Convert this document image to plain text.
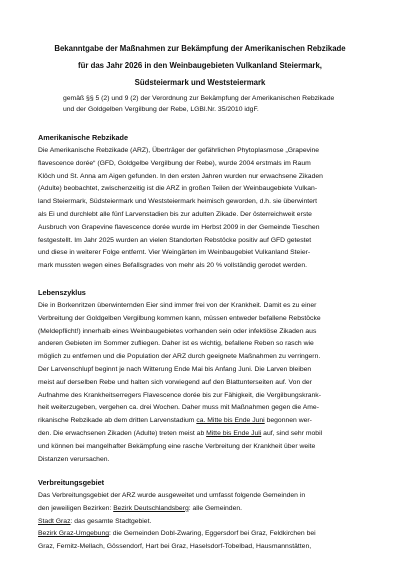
Bekanntgabe der Maßnahmen zur Bekämpfung der Amerikanischen Rebzikade
für das Jahr 2026 in den Weinbaugebieten Vulkanland Steiermark,
Südsteiermark und Weststeiermark
gemäß §§ 5 (2) und 9 (2) der Verordnung zur Bekämpfung der Amerikanischen Rebzikade
und der Goldgelben Vergilbung der Rebe, LGBl.Nr. 35/2010 idgF.
Amerikanische Rebzikade
Die Amerikanische Rebzikade (ARZ), Überträger der gefährlichen Phytoplasmose „Grapevine
flavescence dorée“ (GFD, Goldgelbe Vergilbung der Rebe), wurde 2004 erstmals im Raum
Klöch und St. Anna am Aigen gefunden. In den ersten Jahren wurden nur erwachsene Zikaden
(Adulte) beobachtet, zwischenzeitig ist die ARZ in großen Teilen der Weinbaugebiete Vulkan-
land Steiermark, Südsteiermark und Weststeiermark heimisch geworden, d.h. sie überwintert
als Ei und durchlebt alle fünf Larvenstadien bis zur adulten Zikade. Der österreichweit erste
Ausbruch von Grapevine flavescence dorée wurde im Herbst 2009 in der Gemeinde Tieschen
festgestellt. Im Jahr 2025 wurden an vielen Standorten Rebstöcke positiv auf GFD getestet
und diese in weiterer Folge entfernt. Vier Weingärten im Weinbaugebiet Vulkanland Steier-
mark mussten wegen eines Befallsgrades von mehr als 20 % vollständig gerodet werden.
Lebenszyklus
Die in Borkenritzen überwinternden Eier sind immer frei von der Krankheit. Damit es zu einer
Verbreitung der Goldgelben Vergilbung kommen kann, müssen entweder befallene Rebstöcke
(Meldepflicht!) innerhalb eines Weinbaugebietes vorhanden sein oder infektiöse Zikaden aus
anderen Gebieten im Sommer zufliegen. Daher ist es wichtig, befallene Reben so rasch wie
möglich zu entfernen und die Population der ARZ durch geeignete Maßnahmen zu verringern.
Der Larvenschlupf beginnt je nach Witterung Ende Mai bis Anfang Juni. Die Larven bleiben
meist auf derselben Rebe und halten sich vorwiegend auf den Blattunterseiten auf. Von der
Aufnahme des Krankheitserregers Flavescence dorée bis zur Fähigkeit, die Vergilbungskrank-
heit weiterzugeben, vergehen ca. drei Wochen. Daher muss mit Maßnahmen gegen die Ame-
rikanische Rebzikade ab dem dritten Larvenstadium ca. Mitte bis Ende Juni begonnen wer-
den. Die erwachsenen Zikaden (Adulte) treten meist ab Mitte bis Ende Juli auf, sind sehr mobil
und können bei mangelhafter Bekämpfung eine rasche Verbreitung der Krankheit über weite
Distanzen verursachen.
Verbreitungsgebiet
Das Verbreitungsgebiet der ARZ wurde ausgeweitet und umfasst folgende Gemeinden in
den jeweiligen Bezirken: Bezirk Deutschlandsberg: alle Gemeinden.
Stadt Graz: das gesamte Stadtgebiet.
Bezirk Graz-Umgebung: die Gemeinden Dobl-Zwaring, Eggersdorf bei Graz, Feldkirchen bei
Graz, Fernitz-Mellach, Gössendorf, Hart bei Graz, Haselsdorf-Tobelbad, Hausmannstätten,
